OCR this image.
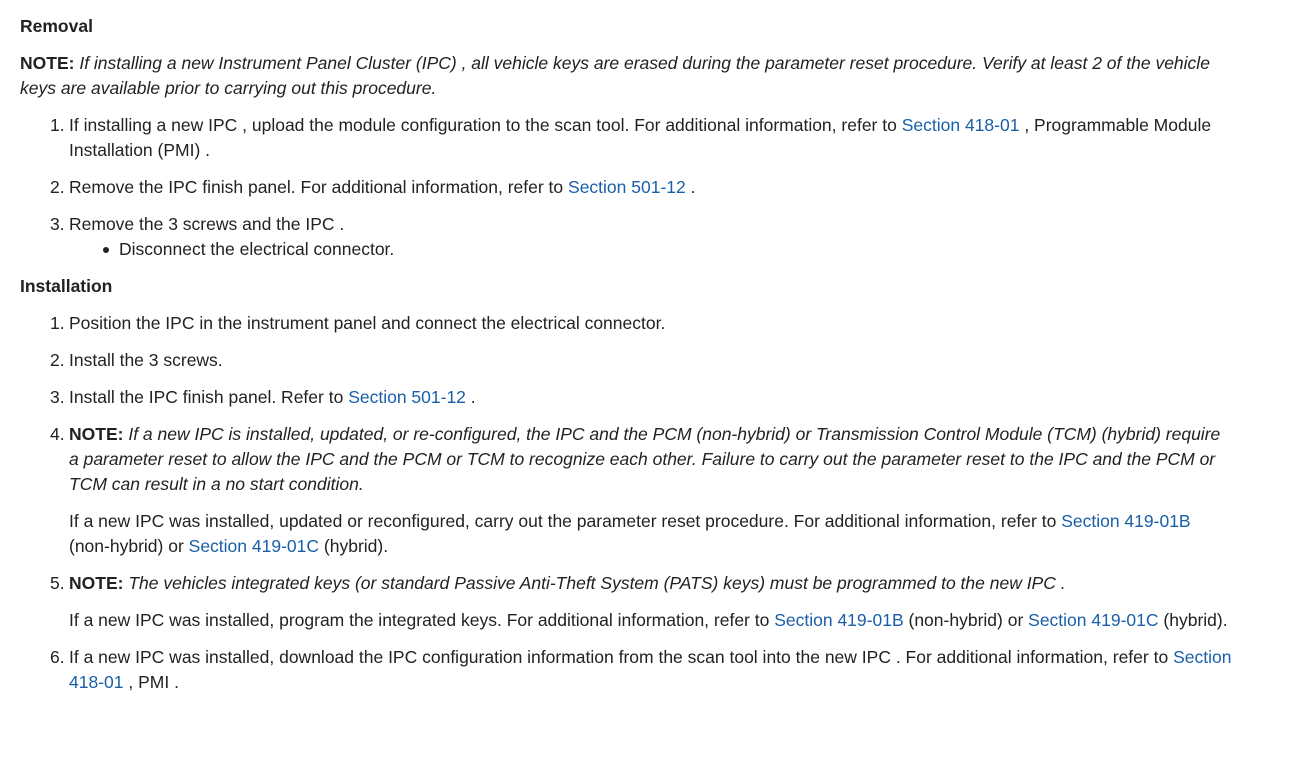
Removal
NOTE: If installing a new Instrument Panel Cluster (IPC) , all vehicle keys are erased during the parameter reset procedure. Verify at least 2 of the vehicle keys are available prior to carrying out this procedure.
1. If installing a new IPC , upload the module configuration to the scan tool. For additional information, refer to Section 418-01 , Programmable Module Installation (PMI) .

2. Remove the IPC finish panel. For additional information, refer to Section 501-12 .

3. Remove the 3 screws and the IPC .

Disconnect the electrical connector.
Installation
1. Position the IPC in the instrument panel and connect the electrical connector.

2. Install the 3 screws.

3. Install the IPC finish panel. Refer to Section 501-12 .

4. NOTE: If a new IPC is installed, updated, or re-configured, the IPC and the PCM (non-hybrid) or Transmission Control Module (TCM) (hybrid) require a parameter reset to allow the IPC and the PCM or TCM to recognize each other. Failure to carry out the parameter reset to the IPC and the PCM or TCM can result in a no start condition.

If a new IPC was installed, updated or reconfigured, carry out the parameter reset procedure. For additional information, refer to Section 419-01B (non-hybrid) or Section 419-01C (hybrid).

5. NOTE: The vehicles integrated keys (or standard Passive Anti-Theft System (PATS) keys) must be programmed to the new IPC .

If a new IPC was installed, program the integrated keys. For additional information, refer to Section 419-01B (non-hybrid) or Section 419-01C (hybrid).

6. If a new IPC was installed, download the IPC configuration information from the scan tool into the new IPC . For additional information, refer to Section 418-01 , PMI .
